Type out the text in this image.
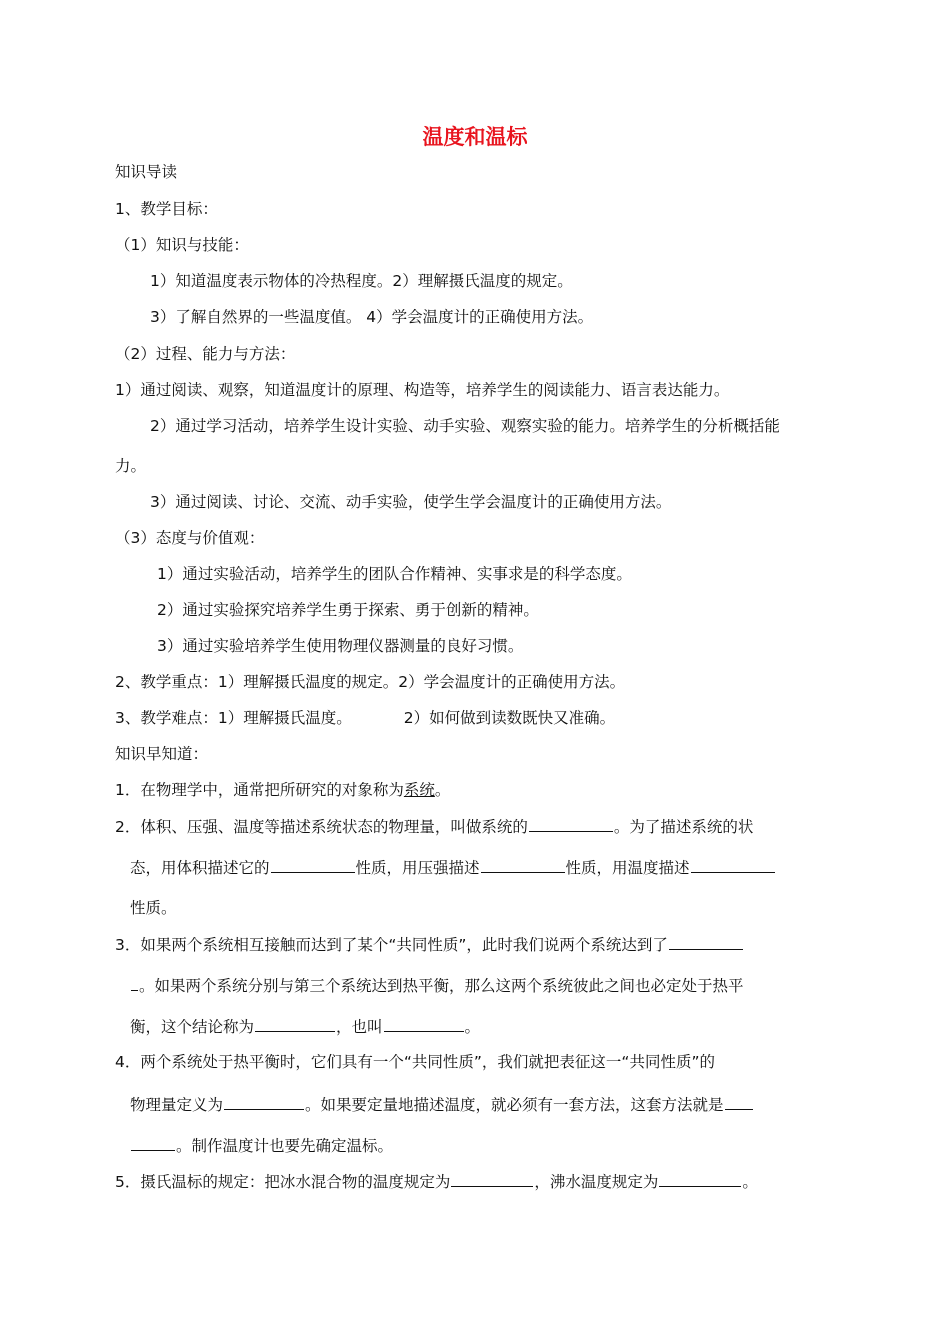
温度和温标
知识导读
1、教学目标：
（1）知识与技能：
1）知道温度表示物体的冷热程度。2）理解摄氏温度的规定。
3）了解自然界的一些温度值。 4）学会温度计的正确使用方法。
（2）过程、能力与方法：
1）通过阅读、观察，知道温度计的原理、构造等，培养学生的阅读能力、语言表达能力。
2）通过学习活动，培养学生设计实验、动手实验、观察实验的能力。培养学生的分析概括能
力。
3）通过阅读、讨论、交流、动手实验，使学生学会温度计的正确使用方法。
（3）态度与价值观：
1）通过实验活动，培养学生的团队合作精神、实事求是的科学态度。
2）通过实验探究培养学生勇于探索、勇于创新的精神。
3）通过实验培养学生使用物理仪器测量的良好习惯。
2、教学重点：1）理解摄氏温度的规定。2）学会温度计的正确使用方法。
3、教学难点：1）理解摄氏温度。	2）如何做到读数既快又准确。
知识早知道：
1．在物理学中，通常把所研究的对象称为系统。
2．体积、压强、温度等描述系统状态的物理量，叫做系统的	。为了描述系统的状
态，用体积描述它的	性质，用压强描述	性质，用温度描述
性质。
3．如果两个系统相互接触而达到了某个“共同性质”，此时我们说两个系统达到了
。如果两个系统分别与第三个系统达到热平衡，那么这两个系统彼此之间也必定处于热平
衡，这个结论称为	，也叫	。
4．两个系统处于热平衡时，它们具有一个“共同性质”，我们就把表征这一“共同性质”的
物理量定义为	。如果要定量地描述温度，就必须有一套方法，这套方法就是
。制作温度计也要先确定温标。
5．摄氏温标的规定：把冰水混合物的温度规定为	，沸水温度规定为	。
